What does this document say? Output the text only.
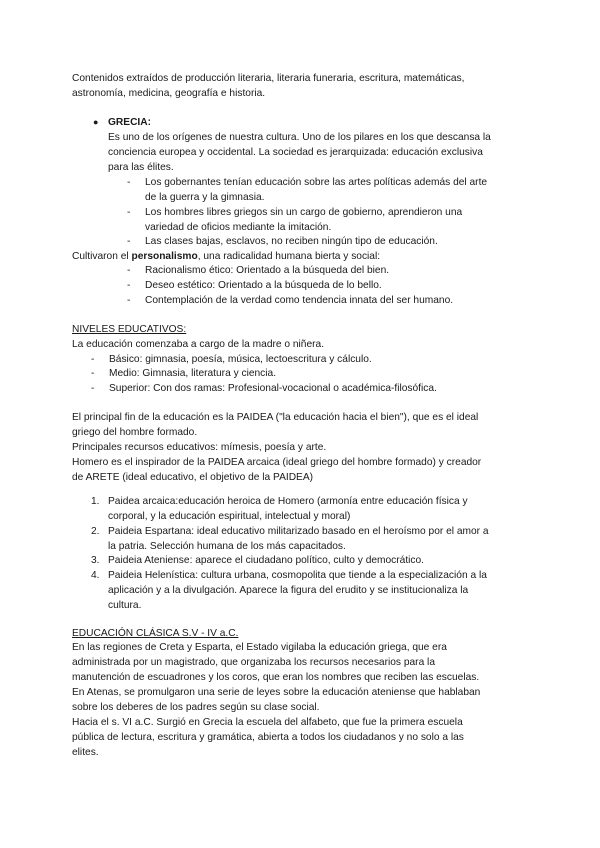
Contenidos extraídos de producción literaria, literaria funeraria, escritura, matemáticas,
astronomía, medicina, geografía e historia.
● GRECIA:
Es uno de los orígenes de nuestra cultura. Uno de los pilares en los que descansa la
conciencia europea y occidental. La sociedad es jerarquizada: educación exclusiva
para las élites.
- Los gobernantes tenían educación sobre las artes políticas además del arte
de la guerra y la gimnasia.
- Los hombres libres griegos sin un cargo de gobierno, aprendieron una
variedad de oficios mediante la imitación.
- Las clases bajas, esclavos, no reciben ningún tipo de educación.
Cultivaron el personalismo, una radicalidad humana bierta y social:
- Racionalismo ético: Orientado a la búsqueda del bien.
- Deseo estético: Orientado a la búsqueda de lo bello.
- Contemplación de la verdad como tendencia innata del ser humano.
NIVELES EDUCATIVOS:
La educación comenzaba a cargo de la madre o niñera.
- Básico: gimnasia, poesía, música, lectoescritura y cálculo.
- Medio: Gimnasia, literatura y ciencia.
- Superior: Con dos ramas: Profesional-vocacional o académica-filosófica.
El principal fin de la educación es la PAIDEA ("la educación hacia el bien"), que es el ideal
griego del hombre formado.
Principales recursos educativos: mímesis, poesía y arte.
Homero es el inspirador de la PAIDEA arcaica (ideal griego del hombre formado) y creador
de ARETE (ideal educativo, el objetivo de la PAIDEA)
1. Paidea arcaica:educación heroica de Homero (armonía entre educación física y
corporal, y la educación espiritual, intelectual y moral)
2. Paideia Espartana: ideal educativo militarizado basado en el heroísmo por el amor a
la patria. Selección humana de los más capacitados.
3. Paideia Ateniense: aparece el ciudadano político, culto y democrático.
4. Paideia Helenística: cultura urbana, cosmopolita que tiende a la especialización a la
aplicación y a la divulgación. Aparece la figura del erudito y se institucionaliza la
cultura.
EDUCACIÓN CLÁSICA S.V - IV a.C.
En las regiones de Creta y Esparta, el Estado vigilaba la educación griega, que era
administrada por un magistrado, que organizaba los recursos necesarios para la
manutención de escuadrones y los coros, que eran los nombres que reciben las escuelas.
En Atenas, se promulgaron una serie de leyes sobre la educación ateniense que hablaban
sobre los deberes de los padres según su clase social.
Hacia el s. VI a.C. Surgió en Grecia la escuela del alfabeto, que fue la primera escuela
pública de lectura, escritura y gramática, abierta a todos los ciudadanos y no solo a las
elites.
